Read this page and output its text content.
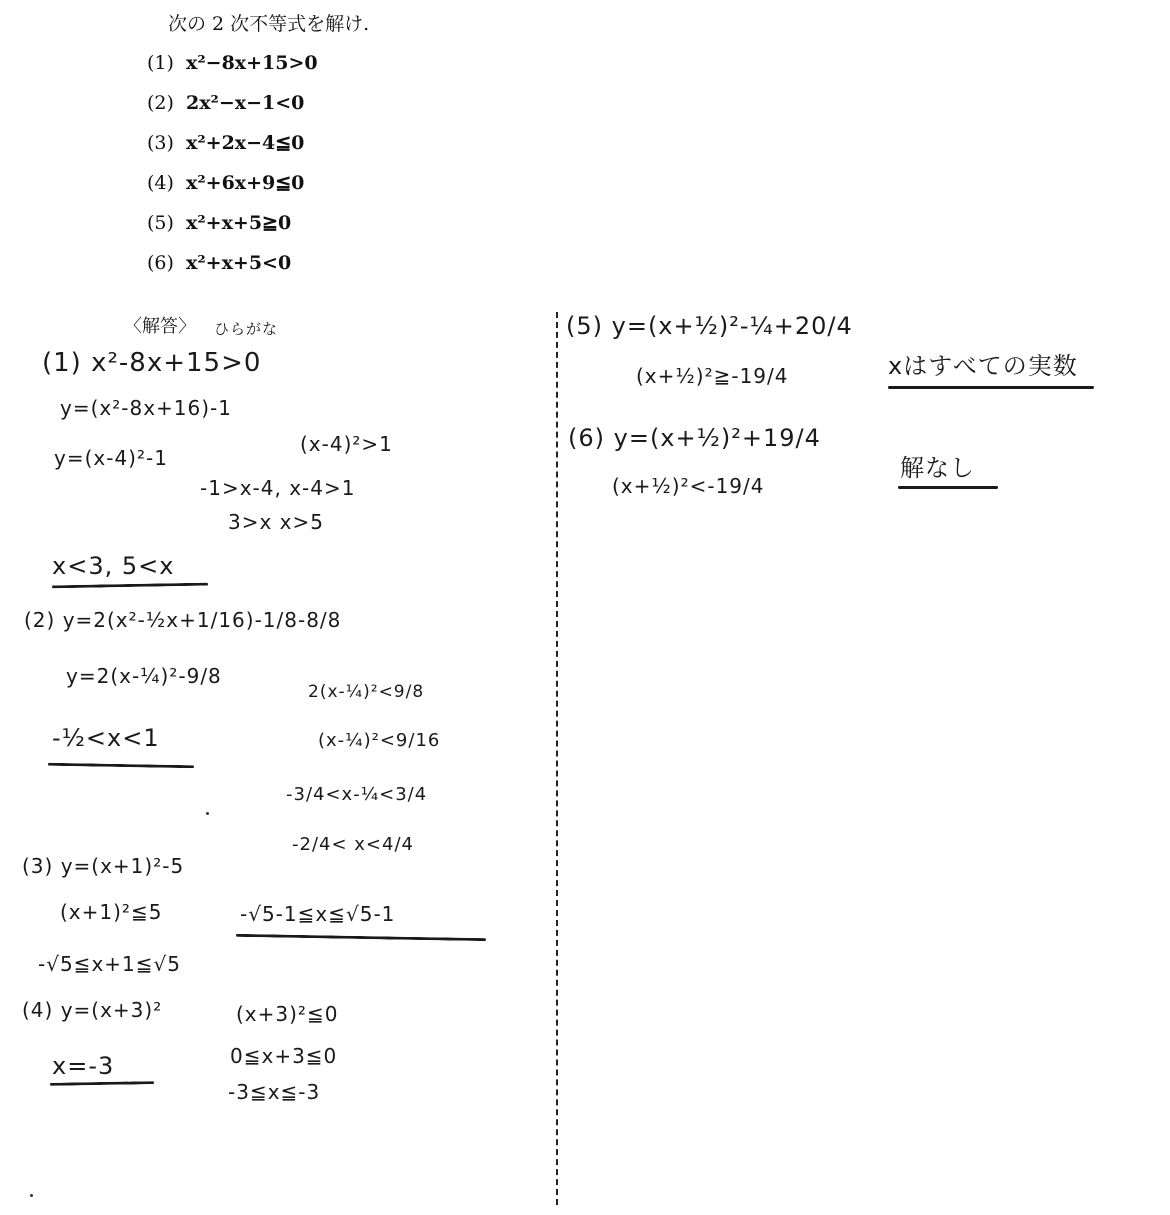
次の 2 次不等式を解け.
(1) x²−8x+15>0
(2) 2x²−x−1<0
(3) x²+2x−4≦0
(4) x²+6x+9≦0
(5) x²+x+5≧0
(6) x²+x+5<0
〈解答〉 ひらがな
(1) x²-8x+15>0
y=(x²-8x+16)-1
y=(x-4)²-1
(x-4)²>1
-1>x-4, x-4>1
3>x x>5
x<3, 5<x
(2) y=2(x²-½x+1/16)-1/8-8/8
y=2(x-¼)²-9/8
2(x-¼)²<9/8
-½<x<1	(x-¼)²<9/16
-3/4<x-¼<3/4
-2/4< x<4/4
(3) y=(x+1)²-5
(x+1)²≦5	-√5-1≦x≦√5-1
-√5≦x+1≦√5
(4) y=(x+3)²	(x+3)²≦0
0≦x+3≦0
x=-3
-3≦x≦-3
(5) y=(x+½)²-¼+20/4
(x+½)²≧-19/4	xはすべての実数
(6) y=(x+½)²+19/4
(x+½)²<-19/4
解なし
